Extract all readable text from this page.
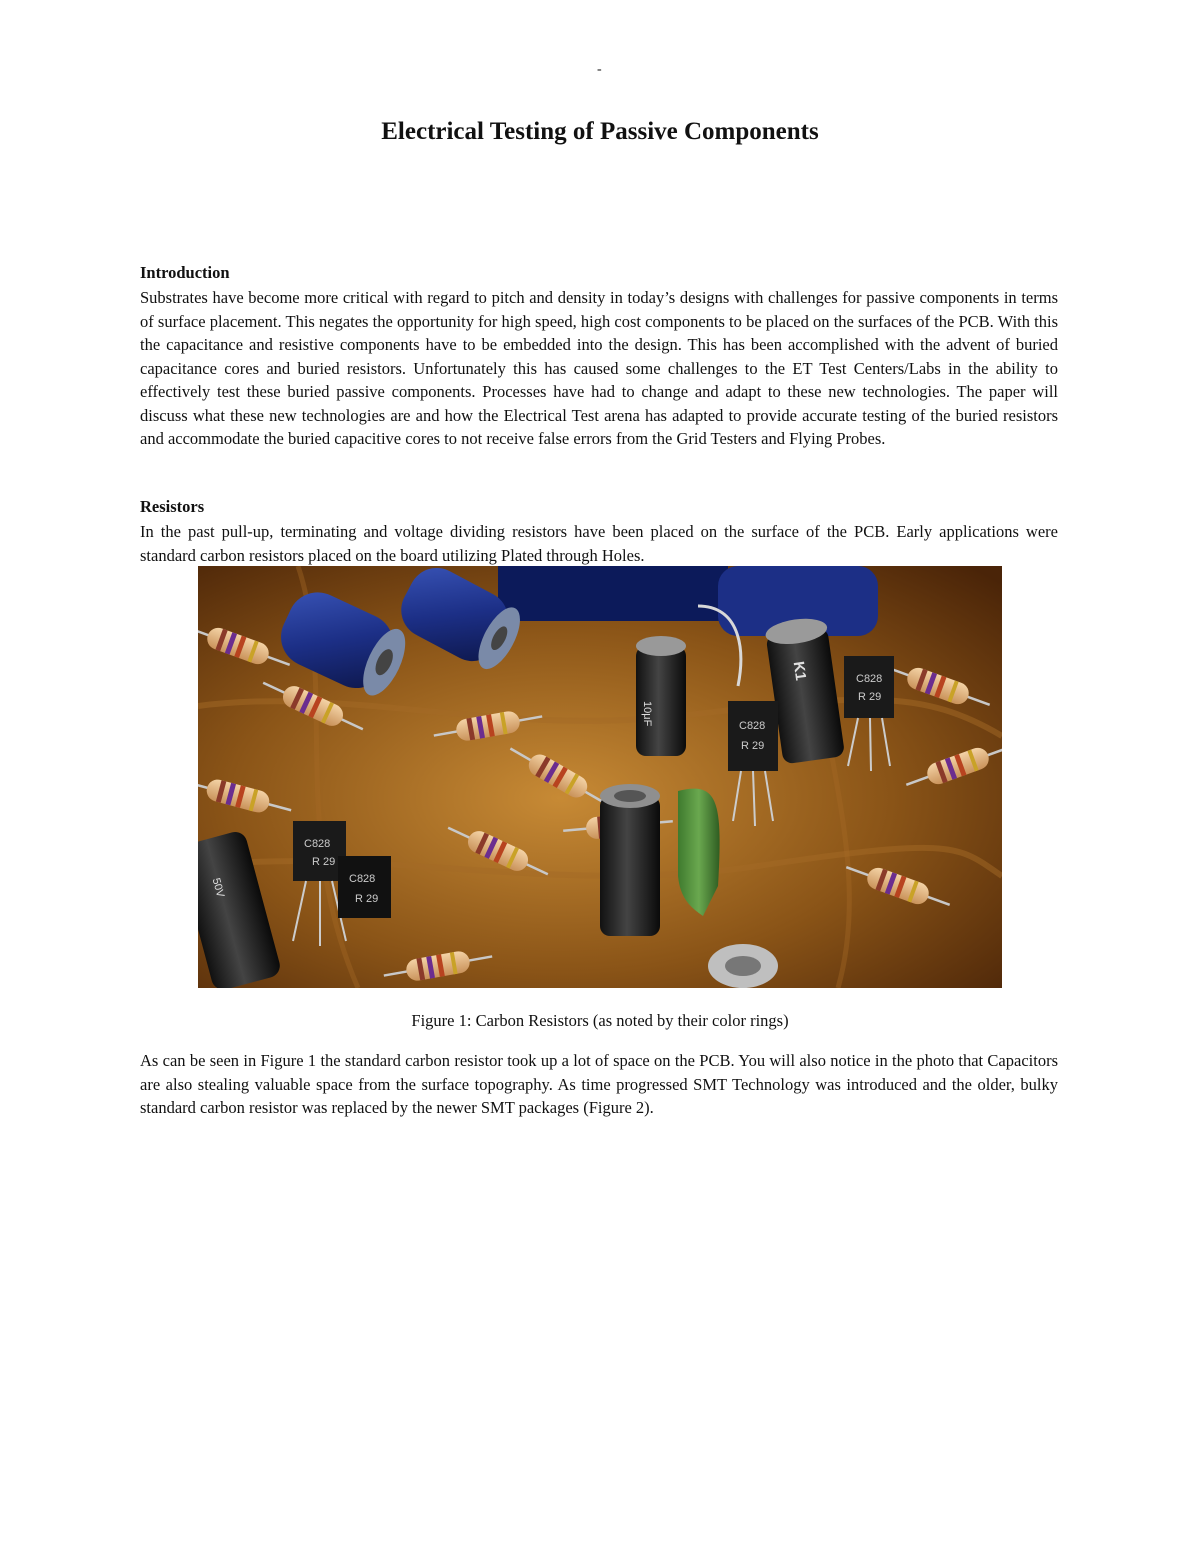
-
Electrical Testing of Passive Components
Introduction

Substrates have become more critical with regard to pitch and density in today’s designs with challenges for passive components in terms of surface placement. This negates the opportunity for high speed, high cost components to be placed on the surfaces of the PCB. With this the capacitance and resistive components have to be embedded into the design. This has been accomplished with the advent of buried capacitance cores and buried resistors. Unfortunately this has caused some challenges to the ET Test Centers/Labs in the ability to effectively test these buried passive components. Processes have had to change and adapt to these new technologies. The paper will discuss what these new technologies are and how the Electrical Test arena has adapted to provide accurate testing of the buried resistors and accommodate the buried capacitive cores to not receive false errors from the Grid Testers and Flying Probes.

Resistors

In the past pull-up, terminating and voltage dividing resistors have been placed on the surface of the PCB. Early applications were standard carbon resistors placed on the board utilizing Plated through Holes.

10μF
K1
C828
R 29
C828
R 29
C828
R 29
C828
R 29
50V

Figure 1: Carbon Resistors (as noted by their color rings)

As can be seen in Figure 1 the standard carbon resistor took up a lot of space on the PCB. You will also notice in the photo that Capacitors are also stealing valuable space from the surface topography. As time progressed SMT Technology was introduced and the older, bulky standard carbon resistor was replaced by the newer SMT packages (Figure 2).
